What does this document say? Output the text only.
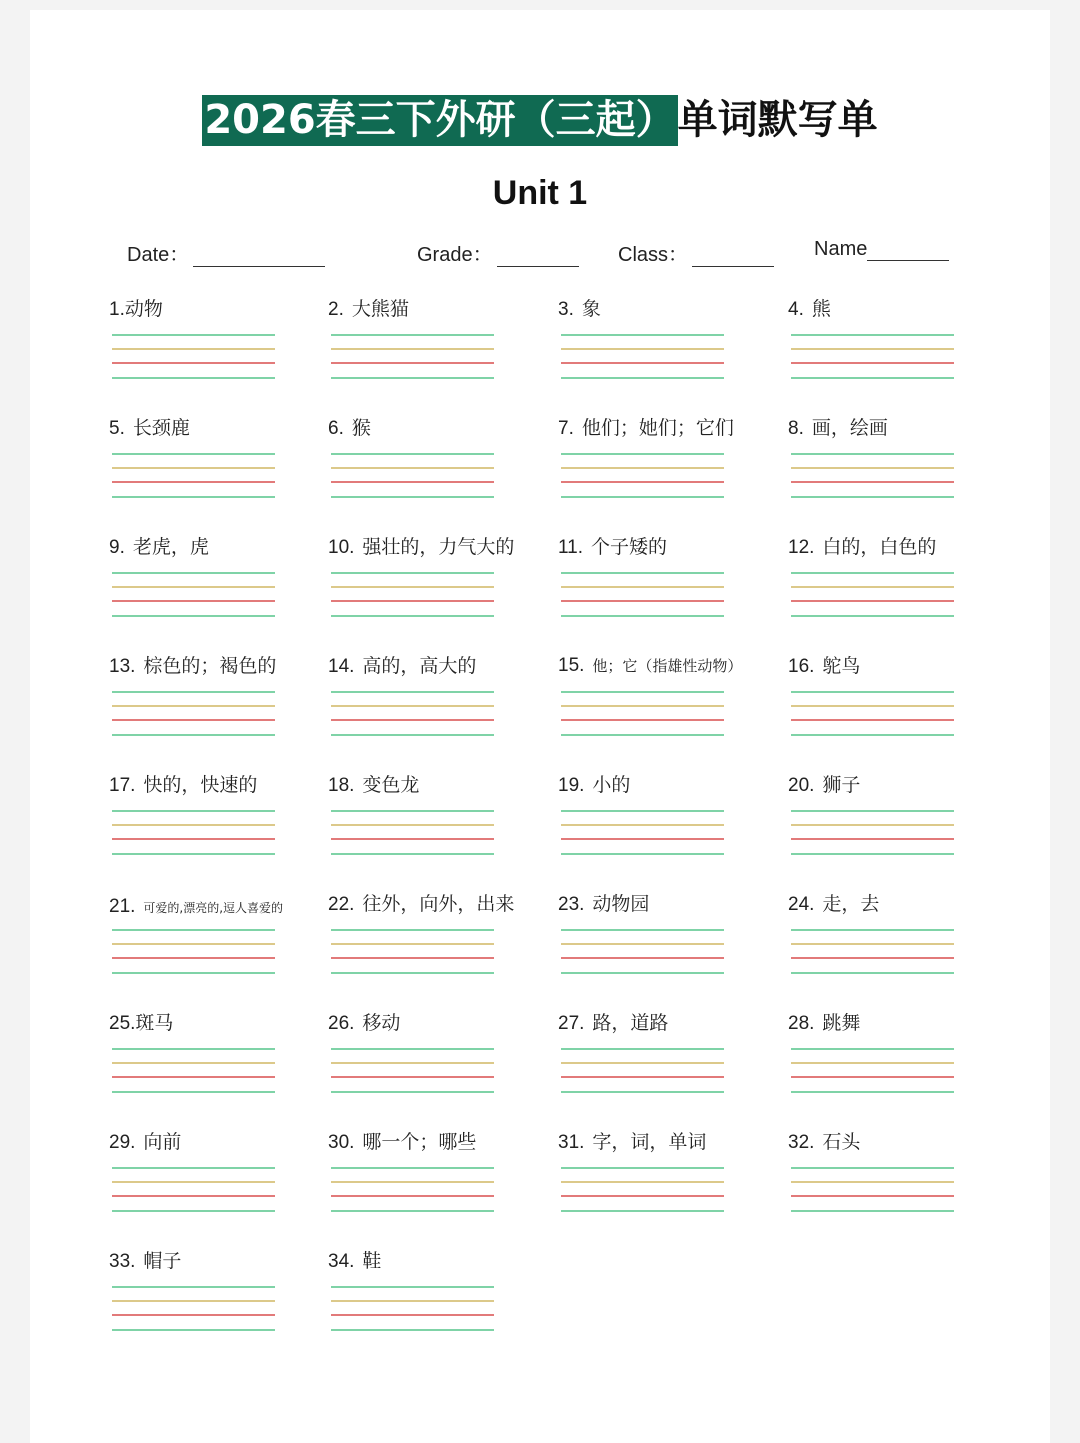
2026春三下外研（三起）单词默写单
Unit 1
Date：	Grade：	Class：	Name
1.动物	2. 大熊猫	3. 象	4. 熊
5. 长颈鹿	6. 猴	7. 他们；她们；它们	8. 画，绘画
9. 老虎，虎	10. 强壮的，力气大的 11. 个子矮的	12. 白的，白色的
13. 棕色的；褐色的	14. 高的，高大的	15. 他；它（指雄性动物） 16. 鸵鸟
17. 快的，快速的	18. 变色龙	19. 小的	20. 狮子
21. 可爱的,漂亮的,逗人喜爱的 22. 往外，向外，出来 23. 动物园	24. 走，去
25.斑马	26. 移动	27. 路，道路	28. 跳舞
29. 向前	30. 哪一个；哪些	31. 字，词，单词	32. 石头
33. 帽子	34. 鞋
